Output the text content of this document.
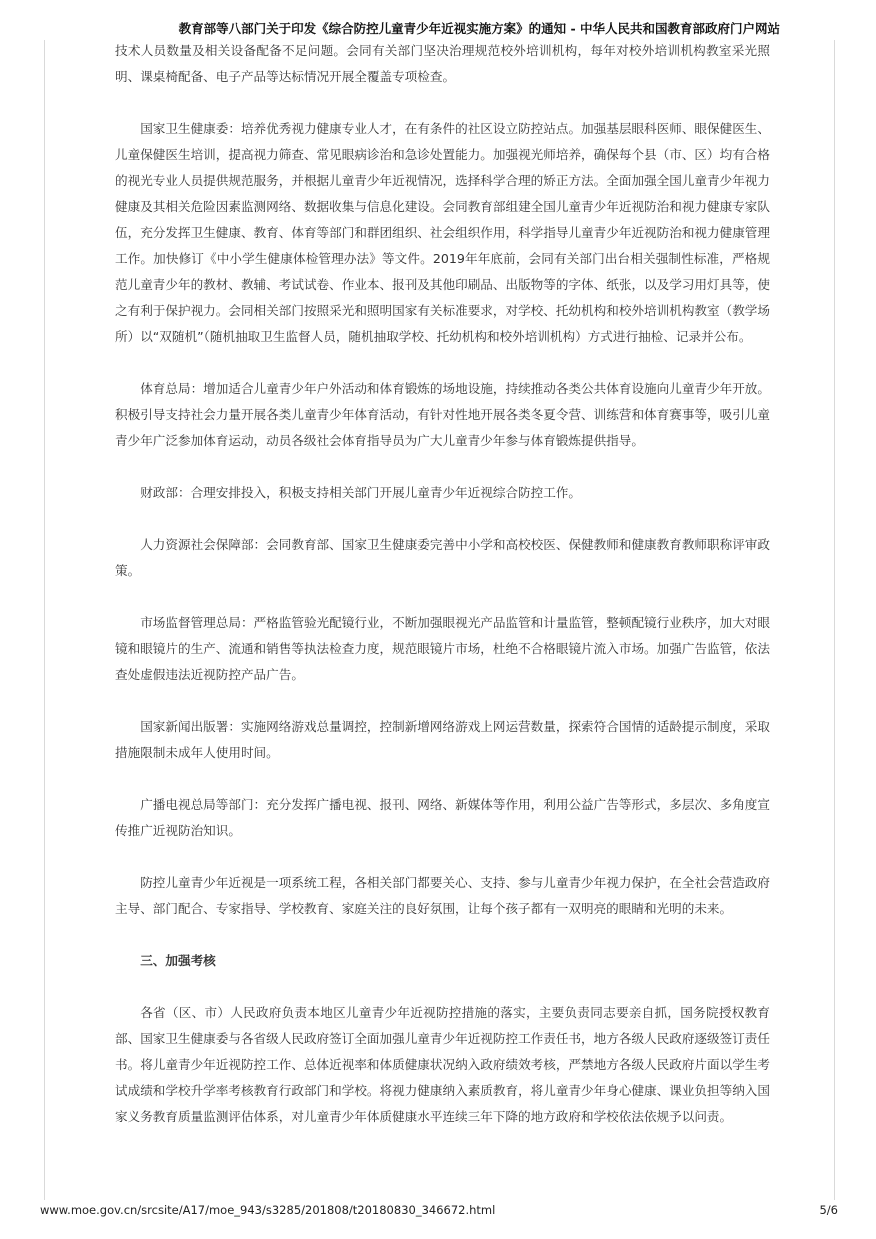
教育部等八部门关于印发《综合防控儿童青少年近视实施方案》的通知 - 中华人民共和国教育部政府门户网站

技术人员数量及相关设备配备不足问题。会同有关部门坚决治理规范校外培训机构，每年对校外培训机构教室采光照明、课桌椅配备、电子产品等达标情况开展全覆盖专项检查。

国家卫生健康委：培养优秀视力健康专业人才，在有条件的社区设立防控站点。加强基层眼科医师、眼保健医生、儿童保健医生培训，提高视力筛查、常见眼病诊治和急诊处置能力。加强视光师培养，确保每个县（市、区）均有合格的视光专业人员提供规范服务，并根据儿童青少年近视情况，选择科学合理的矫正方法。全面加强全国儿童青少年视力健康及其相关危险因素监测网络、数据收集与信息化建设。会同教育部组建全国儿童青少年近视防治和视力健康专家队伍，充分发挥卫生健康、教育、体育等部门和群团组织、社会组织作用，科学指导儿童青少年近视防治和视力健康管理工作。加快修订《中小学生健康体检管理办法》等文件。2019年年底前，会同有关部门出台相关强制性标准，严格规范儿童青少年的教材、教辅、考试试卷、作业本、报刊及其他印刷品、出版物等的字体、纸张，以及学习用灯具等，使之有利于保护视力。会同相关部门按照采光和照明国家有关标准要求，对学校、托幼机构和校外培训机构教室（教学场所）以“双随机”（随机抽取卫生监督人员，随机抽取学校、托幼机构和校外培训机构）方式进行抽检、记录并公布。

体育总局：增加适合儿童青少年户外活动和体育锻炼的场地设施，持续推动各类公共体育设施向儿童青少年开放。积极引导支持社会力量开展各类儿童青少年体育活动，有针对性地开展各类冬夏令营、训练营和体育赛事等，吸引儿童青少年广泛参加体育运动，动员各级社会体育指导员为广大儿童青少年参与体育锻炼提供指导。

财政部：合理安排投入，积极支持相关部门开展儿童青少年近视综合防控工作。

人力资源社会保障部：会同教育部、国家卫生健康委完善中小学和高校校医、保健教师和健康教育教师职称评审政策。

市场监督管理总局：严格监管验光配镜行业，不断加强眼视光产品监管和计量监管，整顿配镜行业秩序，加大对眼镜和眼镜片的生产、流通和销售等执法检查力度，规范眼镜片市场，杜绝不合格眼镜片流入市场。加强广告监管，依法查处虚假违法近视防控产品广告。

国家新闻出版署：实施网络游戏总量调控，控制新增网络游戏上网运营数量，探索符合国情的适龄提示制度，采取措施限制未成年人使用时间。

广播电视总局等部门：充分发挥广播电视、报刊、网络、新媒体等作用，利用公益广告等形式，多层次、多角度宣传推广近视防治知识。

防控儿童青少年近视是一项系统工程，各相关部门都要关心、支持、参与儿童青少年视力保护，在全社会营造政府主导、部门配合、专家指导、学校教育、家庭关注的良好氛围，让每个孩子都有一双明亮的眼睛和光明的未来。

三、加强考核

各省（区、市）人民政府负责本地区儿童青少年近视防控措施的落实，主要负责同志要亲自抓，国务院授权教育部、国家卫生健康委与各省级人民政府签订全面加强儿童青少年近视防控工作责任书，地方各级人民政府逐级签订责任书。将儿童青少年近视防控工作、总体近视率和体质健康状况纳入政府绩效考核，严禁地方各级人民政府片面以学生考试成绩和学校升学率考核教育行政部门和学校。将视力健康纳入素质教育，将儿童青少年身心健康、课业负担等纳入国家义务教育质量监测评估体系，对儿童青少年体质健康水平连续三年下降的地方政府和学校依法依规予以问责。

www.moe.gov.cn/srcsite/A17/moe_943/s3285/201808/t20180830_346672.html	5/6
